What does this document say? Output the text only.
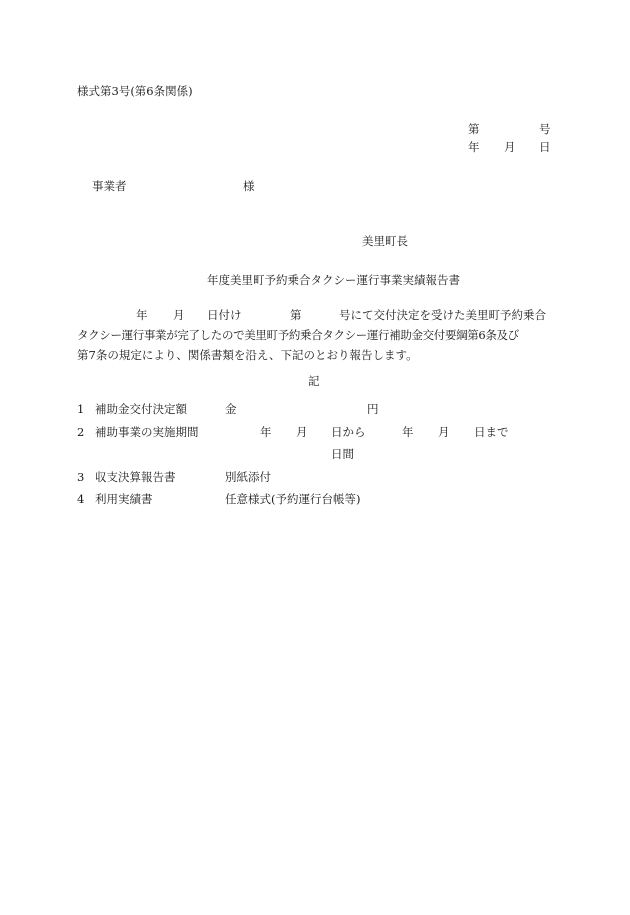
様式第3号(第6条関係)
第	号
年 月 日
事業者	様
美里町長
年度美里町予約乗合タクシー運行事業実績報告書
年 月 日付け	第	号にて交付決定を受けた美里町予約乗合
タクシー運行事業が完了したので美里町予約乗合タクシー運行補助金交付要綱第6条及び
第7条の規定により、関係書類を沿え、下記のとおり報告します。
記
1 補助金交付決定額	金	円
2 補助事業の実施期間	年 月 日から	年 月 日まで
日間
3 収支決算報告書	別紙添付
4 利用実績書	任意様式(予約運行台帳等)
